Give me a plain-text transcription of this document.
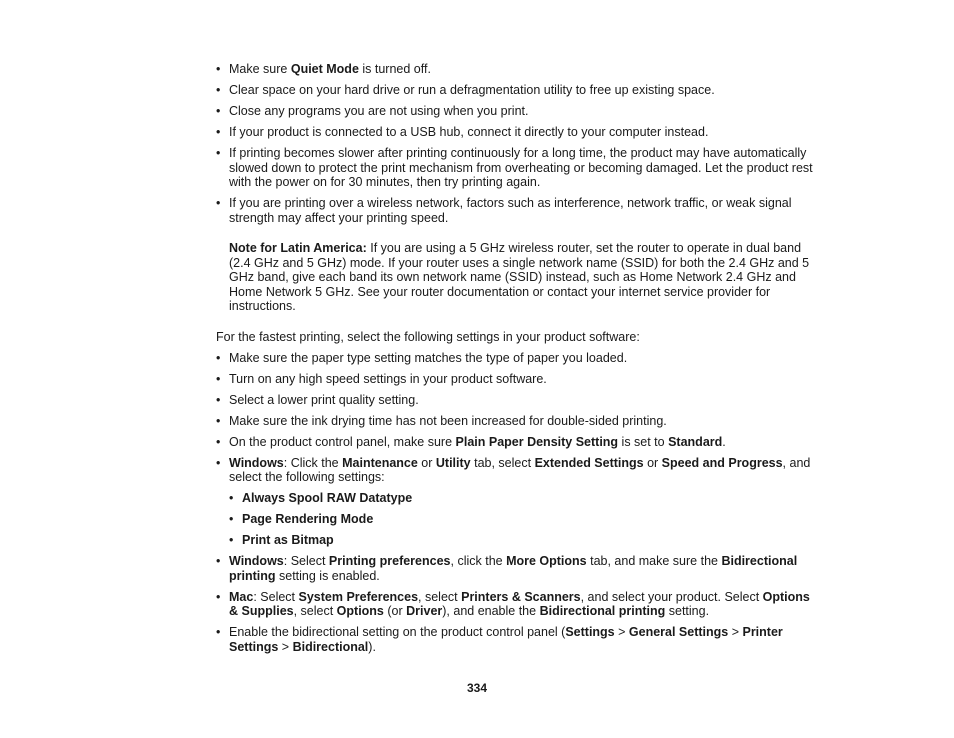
• Make sure Quiet Mode is turned off.
• Clear space on your hard drive or run a defragmentation utility to free up existing space.
• Close any programs you are not using when you print.
• If your product is connected to a USB hub, connect it directly to your computer instead.
• If printing becomes slower after printing continuously for a long time, the product may have automatically slowed down to protect the print mechanism from overheating or becoming damaged. Let the product rest with the power on for 30 minutes, then try printing again.
• If you are printing over a wireless network, factors such as interference, network traffic, or weak signal strength may affect your printing speed.
Note for Latin America: If you are using a 5 GHz wireless router, set the router to operate in dual band (2.4 GHz and 5 GHz) mode. If your router uses a single network name (SSID) for both the 2.4 GHz and 5 GHz band, give each band its own network name (SSID) instead, such as Home Network 2.4 GHz and Home Network 5 GHz. See your router documentation or contact your internet service provider for instructions.

For the fastest printing, select the following settings in your product software:

• Make sure the paper type setting matches the type of paper you loaded.
• Turn on any high speed settings in your product software.
• Select a lower print quality setting.
• Make sure the ink drying time has not been increased for double-sided printing.
• On the product control panel, make sure Plain Paper Density Setting is set to Standard.
• Windows: Click the Maintenance or Utility tab, select Extended Settings or Speed and Progress, and select the following settings:
• Always Spool RAW Datatype
• Page Rendering Mode
• Print as Bitmap
• Windows: Select Printing preferences, click the More Options tab, and make sure the Bidirectional printing setting is enabled.
• Mac: Select System Preferences, select Printers & Scanners, and select your product. Select Options & Supplies, select Options (or Driver), and enable the Bidirectional printing setting.
• Enable the bidirectional setting on the product control panel (Settings > General Settings > Printer Settings > Bidirectional).
334
